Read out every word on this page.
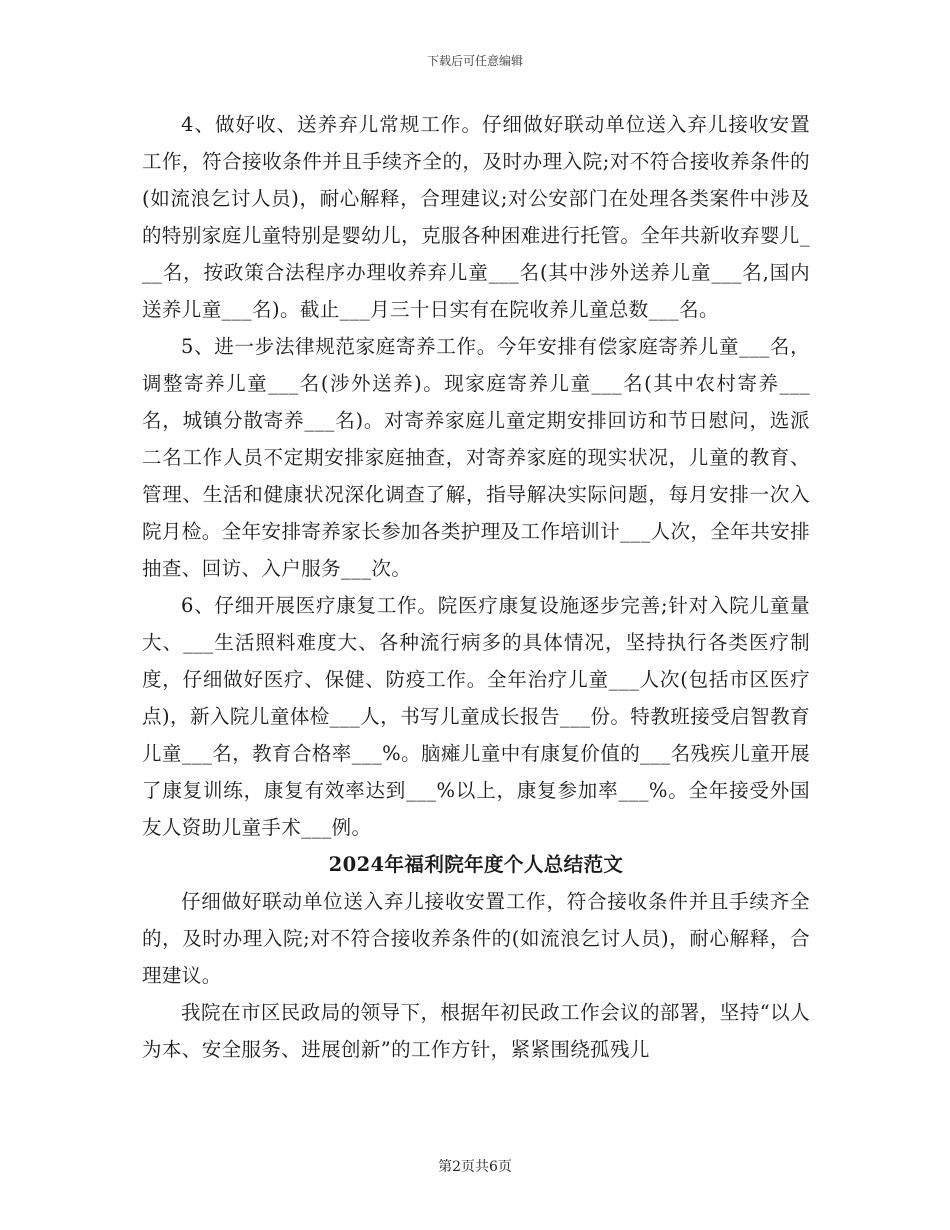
下载后可任意编辑

4、做好收、送养弃儿常规工作。仔细做好联动单位送入弃儿接收安置工作，符合接收条件并且手续齐全的，及时办理入院;对不符合接收养条件的(如流浪乞讨人员)，耐心解释，合理建议;对公安部门在处理各类案件中涉及的特别家庭儿童特别是婴幼儿，克服各种困难进行托管。全年共新收弃婴儿___名，按政策合法程序办理收养弃儿童___名(其中涉外送养儿童___名,国内送养儿童___名)。截止___月三十日实有在院收养儿童总数___名。

5、进一步法律规范家庭寄养工作。今年安排有偿家庭寄养儿童___名，调整寄养儿童___名(涉外送养)。现家庭寄养儿童___名(其中农村寄养___名，城镇分散寄养___名)。对寄养家庭儿童定期安排回访和节日慰问，选派二名工作人员不定期安排家庭抽查，对寄养家庭的现实状况，儿童的教育、管理、生活和健康状况深化调查了解，指导解决实际问题，每月安排一次入院月检。全年安排寄养家长参加各类护理及工作培训计___人次，全年共安排抽查、回访、入户服务___次。

6、仔细开展医疗康复工作。院医疗康复设施逐步完善;针对入院儿童量大、___生活照料难度大、各种流行病多的具体情况，坚持执行各类医疗制度，仔细做好医疗、保健、防疫工作。全年治疗儿童___人次(包括市区医疗点)，新入院儿童体检___人，书写儿童成长报告___份。特教班接受启智教育儿童___名，教育合格率___%。脑瘫儿童中有康复价值的___名残疾儿童开展了康复训练，康复有效率达到___%以上，康复参加率___%。全年接受外国友人资助儿童手术___例。

2024年福利院年度个人总结范文

仔细做好联动单位送入弃儿接收安置工作，符合接收条件并且手续齐全的，及时办理入院;对不符合接收养条件的(如流浪乞讨人员)，耐心解释，合理建议。

我院在市区民政局的领导下，根据年初民政工作会议的部署，坚持“以人为本、安全服务、进展创新”的工作方针，紧紧围绕孤残儿

第2页共6页
